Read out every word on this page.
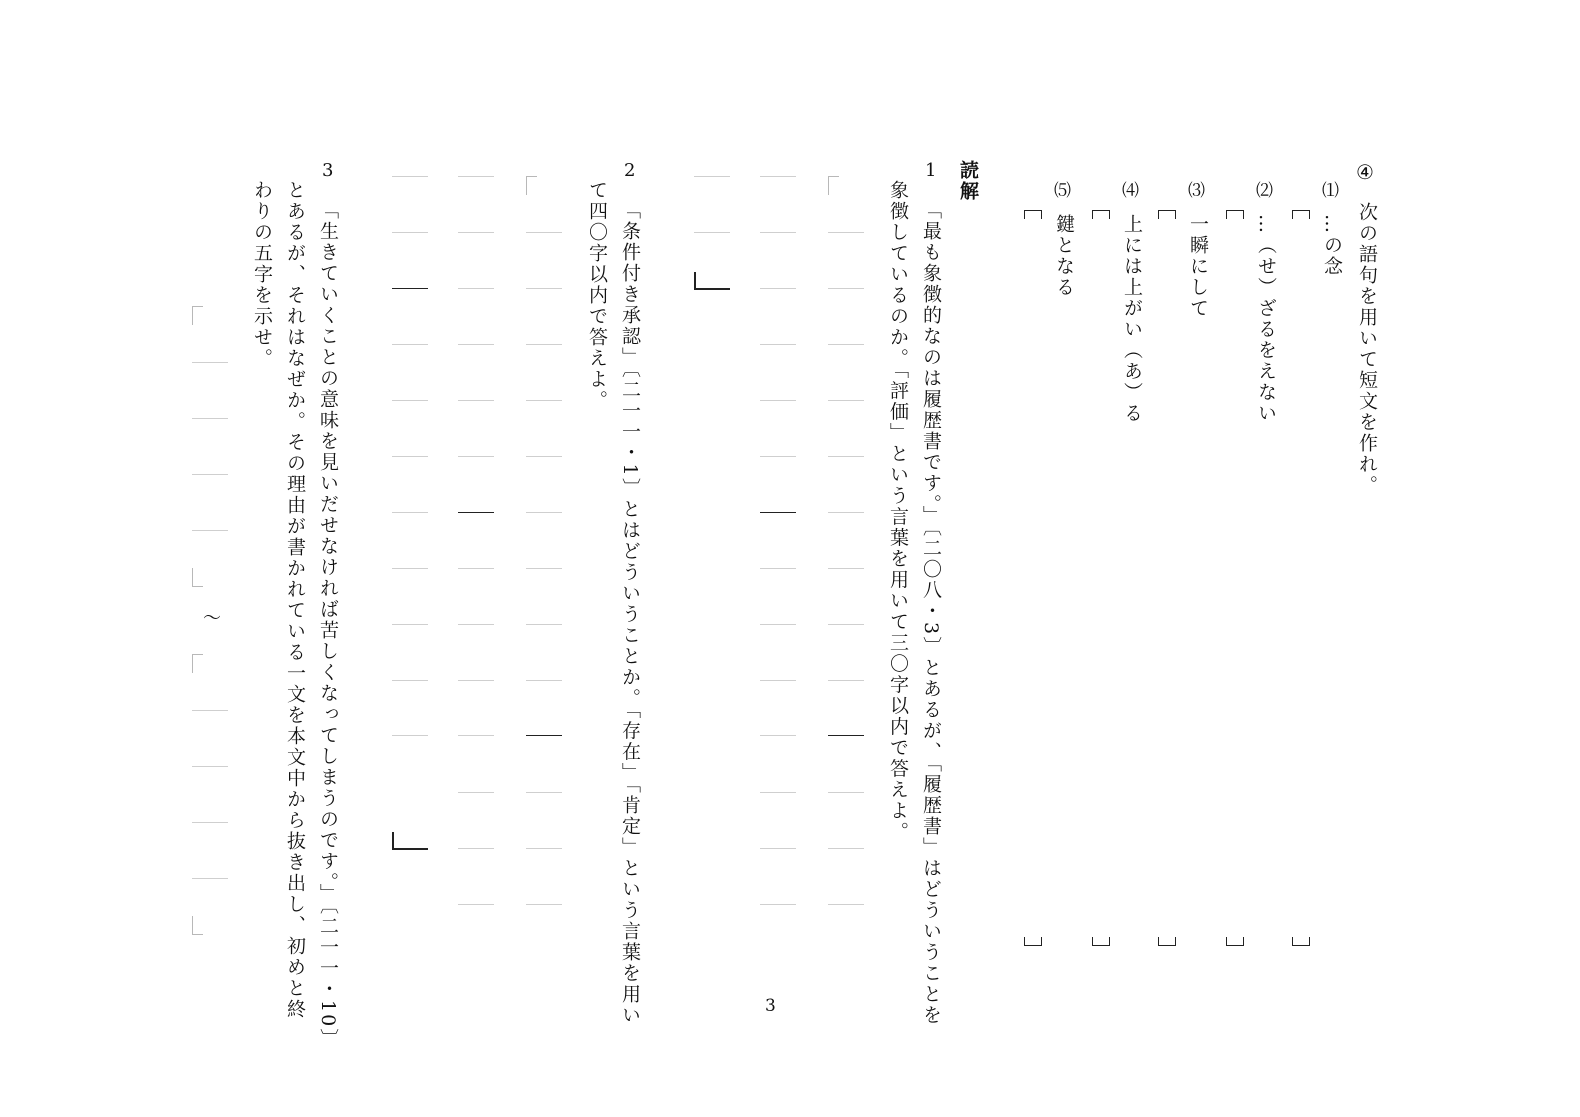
④
次の語句を用いて短文を作れ。
⑴
…の念
⑵
…（せ）ざるをえない
⑶
一瞬にして
⑷
上には上がい（あ）る
⑸
鍵となる
読解
1
「最も象徴的なのは履歴書です。」〔二〇八・3〕とあるが、「履歴書」はどういうことを
象徴しているのか。「評価」という言葉を用いて三〇字以内で答えよ。
2
「条件付き承認」〔二一一・1〕とはどういうことか。「存在」「肯定」という言葉を用い
て四〇字以内で答えよ。
3
「生きていくことの意味を見いだせなければ苦しくなってしまうのです。」〔二一一・10〕
とあるが、それはなぜか。その理由が書かれている一文を本文中から抜き出し、初めと終
わりの五字を示せ。
〜
3
